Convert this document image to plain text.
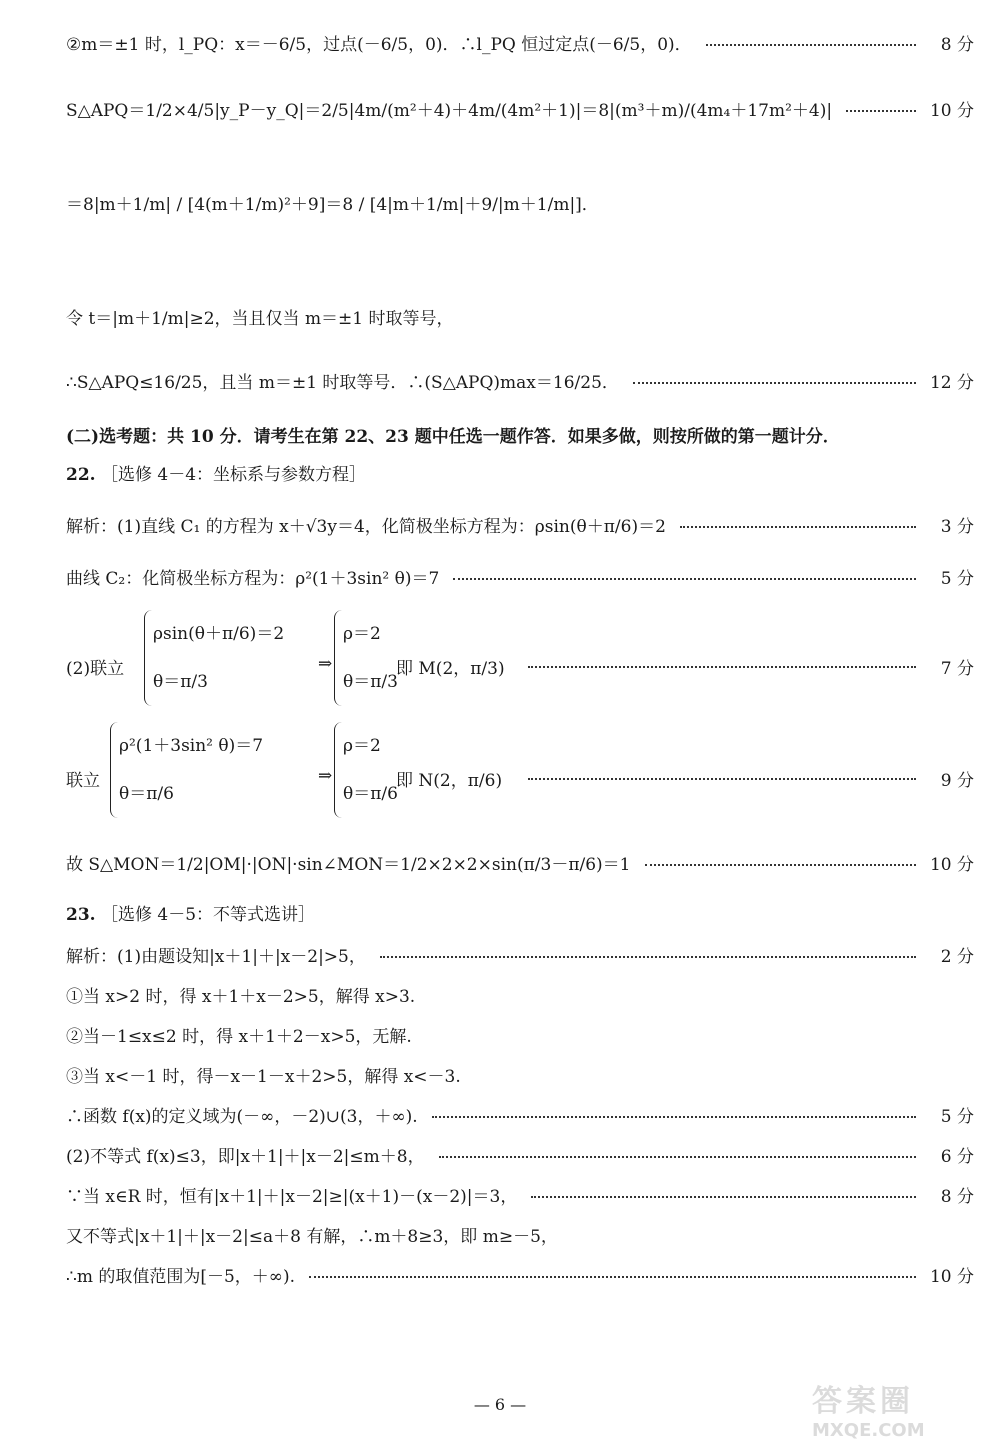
②m＝±1 时，l_PQ：x＝－6/5，过点(－6/5，0)．∴l_PQ 恒过定点(－6/5，0)．	8 分
S△APQ＝1/2×4/5|y_P－y_Q|＝2/5|4m/(m²＋4)＋4m/(4m²＋1)|＝8|(m³＋m)/(4m₄＋17m²＋4)|	10 分
＝8|m＋1/m| / [4(m＋1/m)²＋9]＝8 / [4|m＋1/m|＋9/|m＋1/m|]．
令 t＝|m＋1/m|≥2，当且仅当 m＝±1 时取等号，
∴S△APQ≤16/25，且当 m＝±1 时取等号．∴(S△APQ)max＝16/25．	12 分
(二)选考题：共 10 分．请考生在第 22、23 题中任选一题作答．如果多做，则按所做的第一题计分．
22. ［选修 4－4：坐标系与参数方程］
解析：(1)直线 C₁ 的方程为 x＋√3y＝4，化简极坐标方程为：ρsin(θ＋π/6)＝2	3 分
曲线 C₂：化简极坐标方程为：ρ²(1＋3sin² θ)＝7	5 分
(2)联立
ρsin(θ＋π/6)＝2
θ＝π/3
⇒
ρ＝2
θ＝π/3
即 M(2，π/3)	7 分
联立
ρ²(1＋3sin² θ)＝7
θ＝π/6
⇒
ρ＝2
θ＝π/6
即 N(2，π/6)	9 分
故 S△MON＝1/2|OM|·|ON|·sin∠MON＝1/2×2×2×sin(π/3－π/6)＝1	10 分
23. ［选修 4－5：不等式选讲］
解析：(1)由题设知|x＋1|＋|x－2|>5，	2 分
①当 x>2 时，得 x＋1＋x－2>5，解得 x>3.
②当－1≤x≤2 时，得 x＋1＋2－x>5，无解.
③当 x<－1 时，得－x－1－x＋2>5，解得 x<－3.
∴函数 f(x)的定义域为(－∞，－2)∪(3，＋∞).	5 分
(2)不等式 f(x)≤3，即|x＋1|＋|x－2|≤m＋8，	6 分
∵当 x∈R 时，恒有|x＋1|＋|x－2|≥|(x＋1)－(x－2)|＝3，	8 分
又不等式|x＋1|＋|x－2|≤a＋8 有解，∴m＋8≥3，即 m≥－5，
∴m 的取值范围为[－5，＋∞).	10 分
— 6 —	答案圈
MXQE.COM
